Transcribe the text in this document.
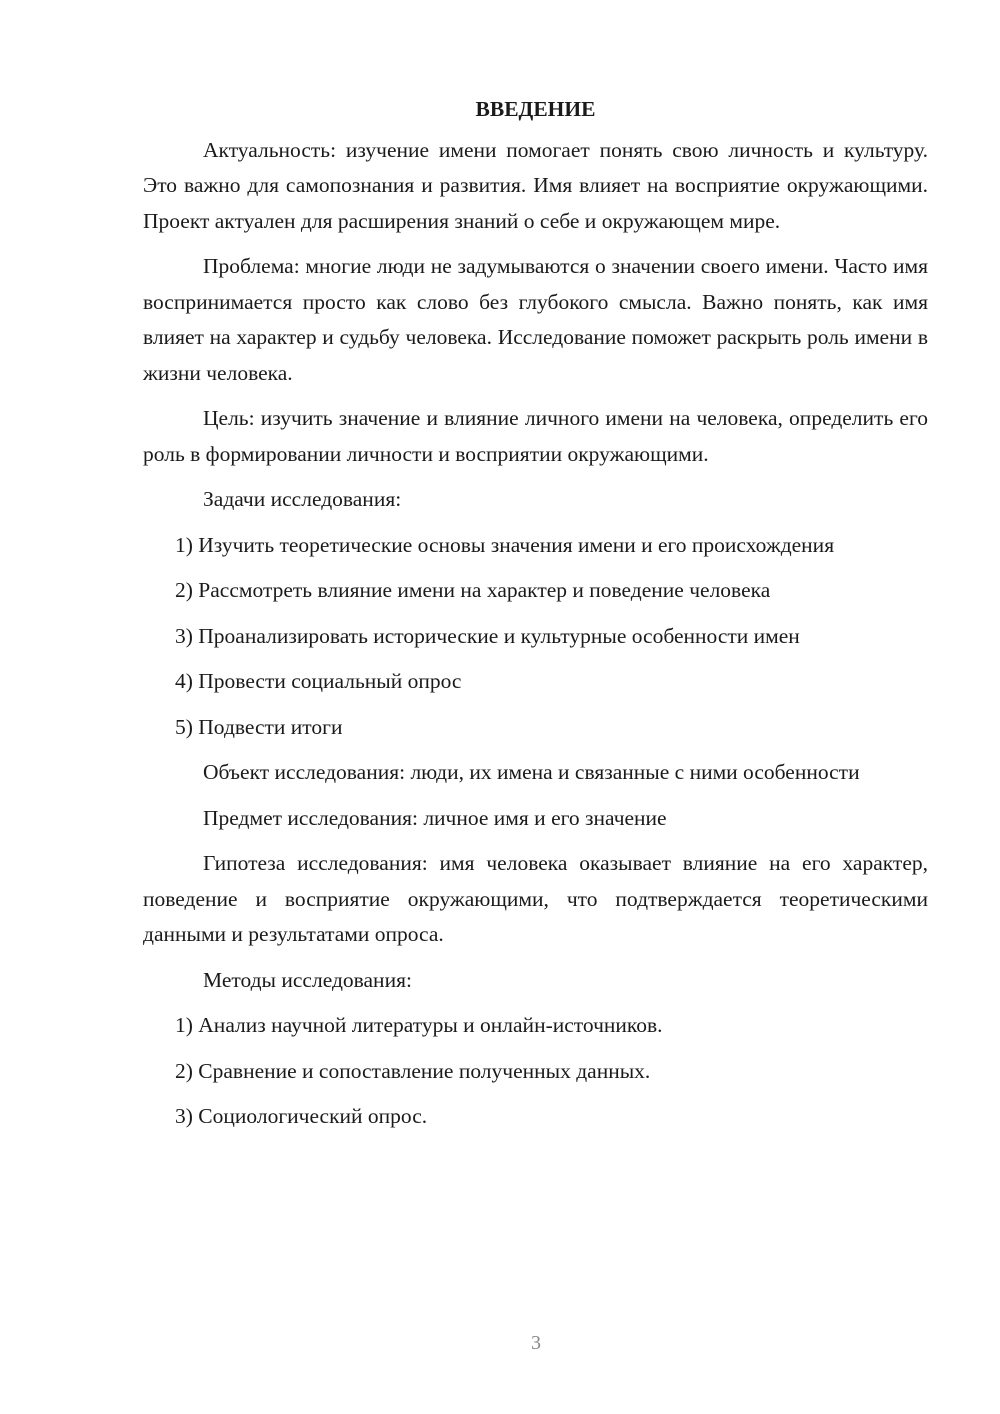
ВВЕДЕНИЕ

Актуальность: изучение имени помогает понять свою личность и культуру. Это важно для самопознания и развития. Имя влияет на восприятие окружающими. Проект актуален для расширения знаний о себе и окружающем мире.

Проблема: многие люди не задумываются о значении своего имени. Часто имя воспринимается просто как слово без глубокого смысла. Важно понять, как имя влияет на характер и судьбу человека. Исследование поможет раскрыть роль имени в жизни человека.

Цель: изучить значение и влияние личного имени на человека, определить его роль в формировании личности и восприятии окружающими.

Задачи исследования:

1) Изучить теоретические основы значения имени и его происхождения

2) Рассмотреть влияние имени на характер и поведение человека

3) Проанализировать исторические и культурные особенности имен

4) Провести социальный опрос

5) Подвести итоги

Объект исследования: люди, их имена и связанные с ними особенности

Предмет исследования: личное имя и его значение

Гипотеза исследования: имя человека оказывает влияние на его характер, поведение и восприятие окружающими, что подтверждается теоретическими данными и результатами опроса.

Методы исследования:

1) Анализ научной литературы и онлайн-источников.

2) Сравнение и сопоставление полученных данных.

3) Социологический опрос.

3
